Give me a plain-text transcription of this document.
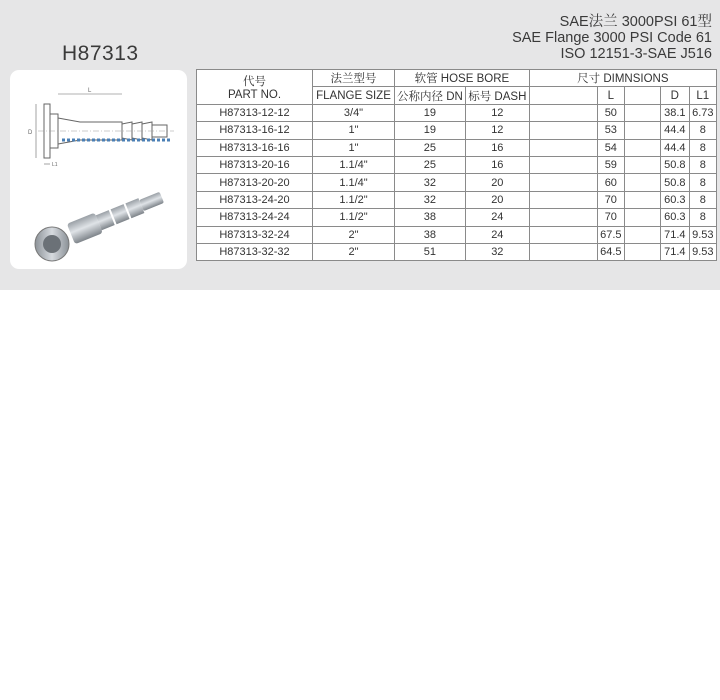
H87313
SAE法兰 3000PSI 61型
SAE Flange 3000 PSI Code 61
ISO 12151-3-SAE J516
L
D
L1
代号
PART NO.	法兰型号	软管 HOSE BORE		尺寸 DIMNSIONS				
	FLANGE SIZE	公称内径 DN	标号 DASH		L		D	L1
H87313-12-12	3/4"	19	12		50		38.1	6.73
H87313-16-12	1"	19	12		53		44.4	8
H87313-16-16	1"	25	16		54		44.4	8
H87313-20-16	1.1/4"	25	16		59		50.8	8
H87313-20-20	1.1/4"	32	20		60		50.8	8
H87313-24-20	1.1/2"	32	20		70		60.3	8
H87313-24-24	1.1/2"	38	24		70		60.3	8
H87313-32-24	2"	38	24		67.5		71.4	9.53
H87313-32-32	2"	51	32		64.5		71.4	9.53
